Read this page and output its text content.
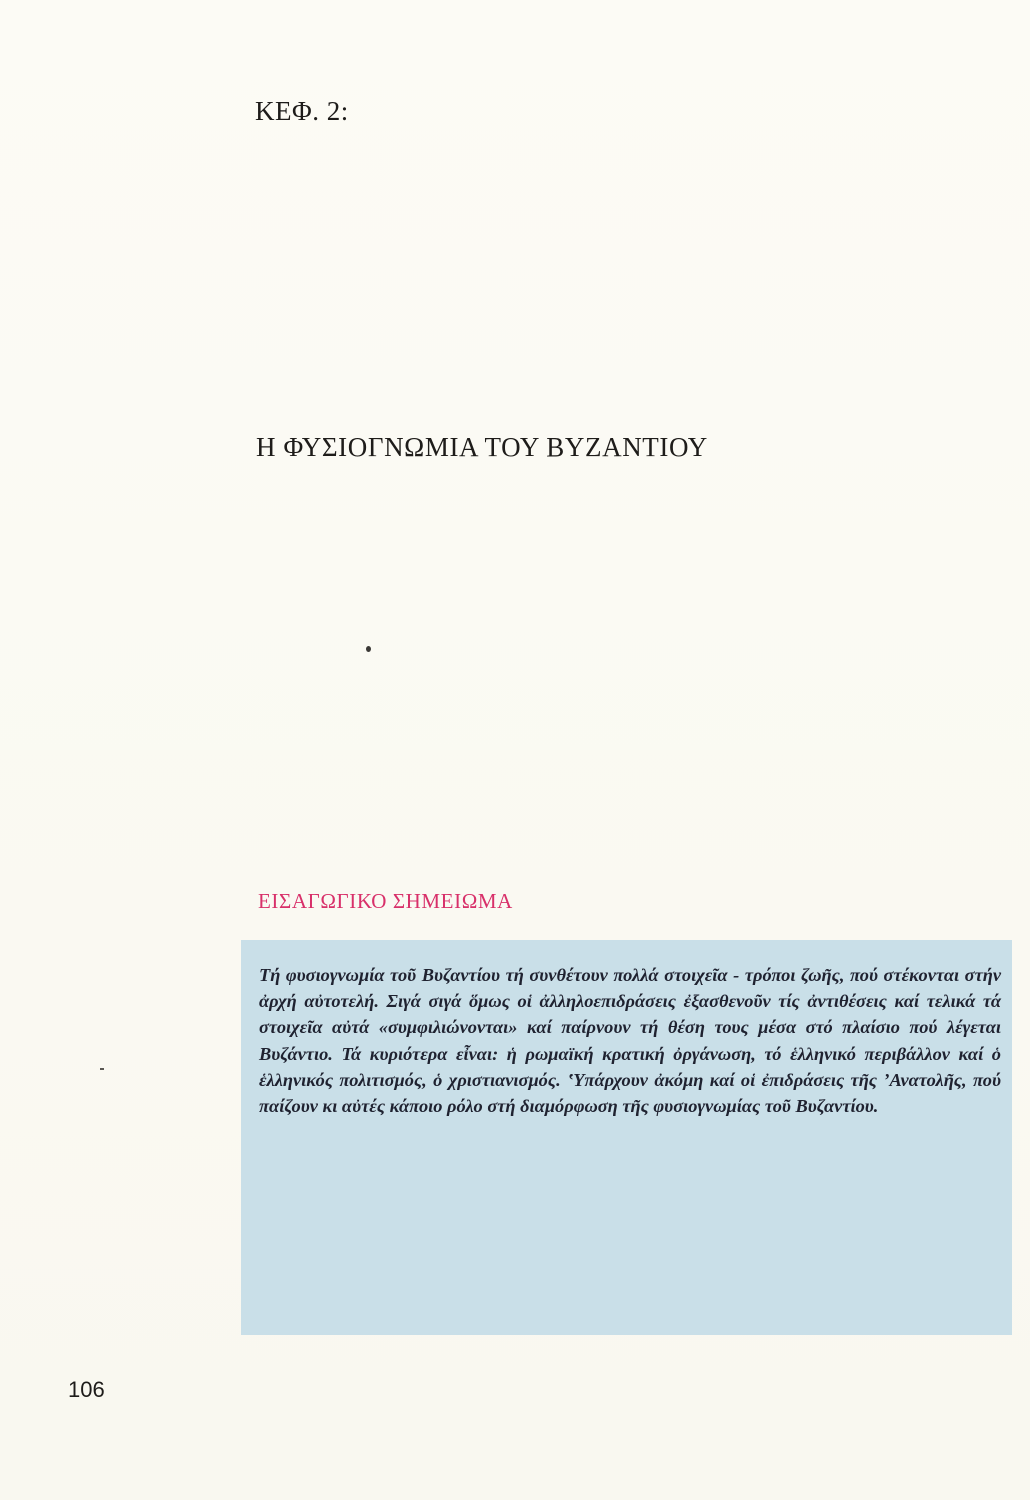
ΚΕΦ. 2:
Η ΦΥΣΙΟΓΝΩΜΙΑ ΤΟΥ ΒΥΖΑΝΤΙΟΥ
ΕΙΣΑΓΩΓΙΚΟ ΣΗΜΕΙΩΜΑ
Τή φυσιογνωμία τοῦ Βυζαντίου τή συνθέτουν πολλά στοιχεῖα - τρόποι ζωῆς, πού στέκονται στήν ἀρχή αὐτοτελή. Σιγά σιγά ὅμως οἱ ἀλληλοεπιδράσεις ἐξασθενοῦν τίς ἀντιθέσεις καί τελικά τά στοιχεῖα αὐτά «συμφιλιώνονται» καί παίρνουν τή θέση τους μέσα στό πλαίσιο πού λέγεται Βυζάντιο. Τά κυριότερα εἶναι: ἡ ρωμαϊκή κρατική ὀργάνωση, τό ἑλληνικό περιβάλλον καί ὁ ἑλληνικός πολιτισμός, ὁ χριστιανισμός. ʽΥπάρχουν ἀκόμη καί οἱ ἐπιδράσεις τῆς ʼΑνατολῆς, πού παίζουν κι αὐτές κάποιο ρόλο στή διαμόρφωση τῆς φυσιογνωμίας τοῦ Βυζαντίου.
106
